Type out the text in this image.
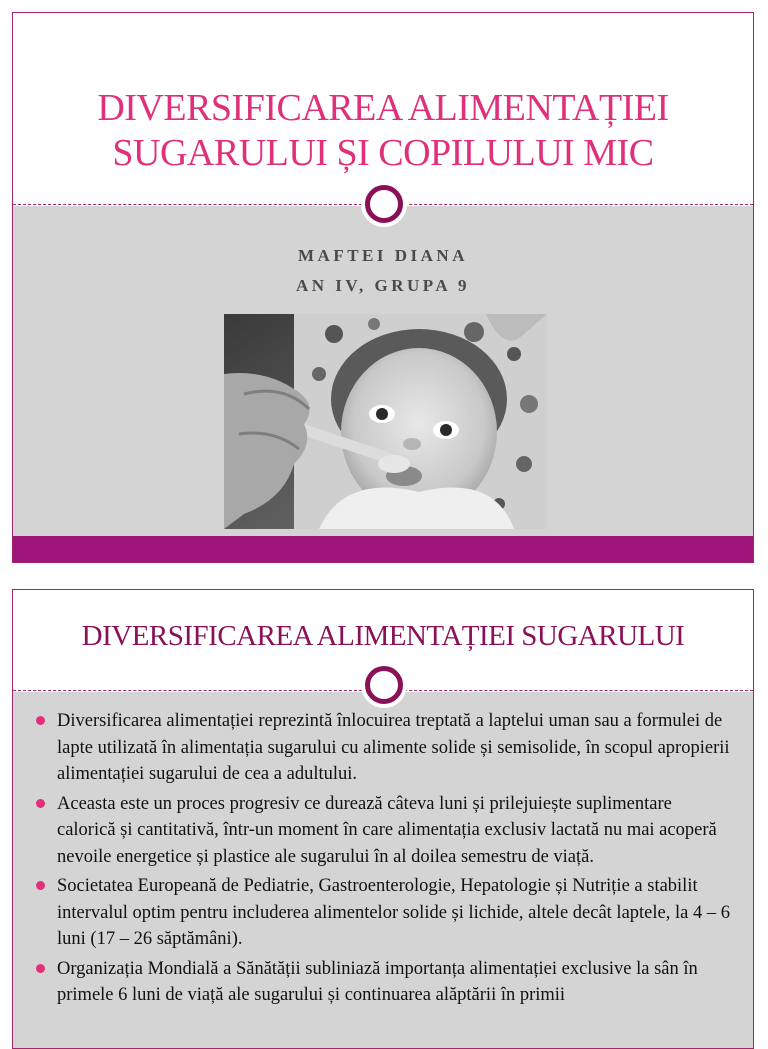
DIVERSIFICAREA ALIMENTAȚIEI
SUGARULUI ȘI COPILULUI MIC
MAFTEI DIANA
AN IV, GRUPA 9
DIVERSIFICAREA ALIMENTAȚIEI SUGARULUI
Diversificarea alimentației reprezintă înlocuirea treptată a laptelui uman sau a formulei de lapte utilizată în alimentația sugarului cu alimente solide și semisolide, în scopul apropierii alimentației sugarului de cea a adultului.
Aceasta este un proces progresiv ce durează câteva luni și prilejuiește suplimentare calorică și cantitativă, într-un moment în care alimentația exclusiv lactată nu mai acoperă nevoile energetice și plastice ale sugarului în al doilea semestru de viață.
Societatea Europeană de Pediatrie, Gastroenterologie, Hepatologie și Nutriție a stabilit intervalul optim pentru includerea alimentelor solide și lichide, altele decât laptele, la 4 – 6 luni (17 – 26 săptămâni).
Organizația Mondială a Sănătății subliniază importanța alimentației exclusive la sân în primele 6 luni de viață ale sugarului și continuarea alăptării în primii
